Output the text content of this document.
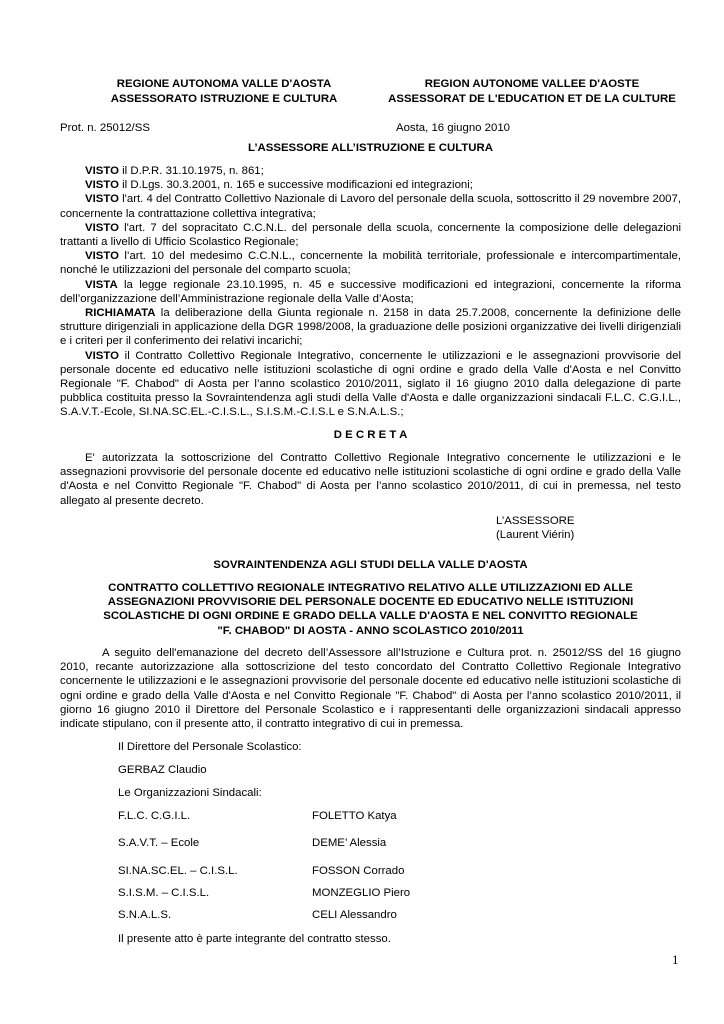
REGIONE AUTONOMA VALLE D'AOSTA
ASSESSORATO ISTRUZIONE E CULTURA
REGION AUTONOME VALLEE D'AOSTE
ASSESSORAT DE L'EDUCATION ET DE LA CULTURE
Prot. n. 25012/SS	Aosta, 16 giugno 2010
L’ASSESSORE ALL’ISTRUZIONE E CULTURA
VISTO il D.P.R. 31.10.1975, n. 861;
VISTO il D.Lgs. 30.3.2001, n. 165 e successive modificazioni ed integrazioni;
VISTO l'art. 4 del Contratto Collettivo Nazionale di Lavoro del personale della scuola, sottoscritto il 29 novembre 2007, concernente la contrattazione collettiva integrativa;
VISTO l'art. 7 del sopracitato C.C.N.L. del personale della scuola, concernente la composizione delle delegazioni trattanti a livello di Ufficio Scolastico Regionale;
VISTO l’art. 10 del medesimo C.C.N.L., concernente la mobilità territoriale, professionale e intercompartimentale, nonché le utilizzazioni del personale del comparto scuola;
VISTA la legge regionale 23.10.1995, n. 45 e successive modificazioni ed integrazioni, concernente la riforma dell’organizzazione dell’Amministrazione regionale della Valle d’Aosta;
RICHIAMATA la deliberazione della Giunta regionale n. 2158 in data 25.7.2008, concernente la definizione delle strutture dirigenziali in applicazione della DGR 1998/2008, la graduazione delle posizioni organizzative dei livelli dirigenziali e i criteri per il conferimento dei relativi incarichi;
VISTO il Contratto Collettivo Regionale Integrativo, concernente le utilizzazioni e le assegnazioni provvisorie del personale docente ed educativo nelle istituzioni scolastiche di ogni ordine e grado della Valle d'Aosta e nel Convitto Regionale "F. Chabod" di Aosta per l’anno scolastico 2010/2011, siglato il 16 giugno 2010 dalla delegazione di parte pubblica costituita presso la Sovraintendenza agli studi della Valle d'Aosta e dalle organizzazioni sindacali F.L.C. C.G.I.L., S.A.V.T.-Ecole, SI.NA.SC.EL.-C.I.S.L., S.I.S.M.-C.I.S.L e S.N.A.L.S.;
D E C R E T A
E' autorizzata la sottoscrizione del Contratto Collettivo Regionale Integrativo concernente le utilizzazioni e le assegnazioni provvisorie del personale docente ed educativo nelle istituzioni scolastiche di ogni ordine e grado della Valle d'Aosta e nel Convitto Regionale "F. Chabod" di Aosta per l’anno scolastico 2010/2011, di cui in premessa, nel testo allegato al presente decreto.
L’ASSESSORE
(Laurent Viérin)
SOVRAINTENDENZA AGLI STUDI DELLA VALLE D'AOSTA
CONTRATTO COLLETTIVO REGIONALE INTEGRATIVO RELATIVO ALLE UTILIZZAZIONI ED ALLE
ASSEGNAZIONI PROVVISORIE DEL PERSONALE DOCENTE ED EDUCATIVO NELLE ISTITUZIONI
SCOLASTICHE DI OGNI ORDINE E GRADO DELLA VALLE D'AOSTA E NEL CONVITTO REGIONALE
"F. CHABOD" DI AOSTA - ANNO SCOLASTICO 2010/2011
A seguito dell'emanazione del decreto dell’Assessore all’Istruzione e Cultura prot. n. 25012/SS del 16 giugno 2010, recante autorizzazione alla sottoscrizione del testo concordato del Contratto Collettivo Regionale Integrativo concernente le utilizzazioni e le assegnazioni provvisorie del personale docente ed educativo nelle istituzioni scolastiche di ogni ordine e grado della Valle d'Aosta e nel Convitto Regionale "F. Chabod" di Aosta per l’anno scolastico 2010/2011, il giorno 16 giugno 2010 il Direttore del Personale Scolastico e i rappresentanti delle organizzazioni sindacali appresso indicate stipulano, con il presente atto, il contratto integrativo di cui in premessa.
Il Direttore del Personale Scolastico:
GERBAZ Claudio
Le Organizzazioni Sindacali:
F.L.C. C.G.I.L.	FOLETTO Katya
S.A.V.T. – Ecole	DEME’ Alessia
SI.NA.SC.EL. – C.I.S.L.	FOSSON Corrado
S.I.S.M. – C.I.S.L.	MONZEGLIO Piero
S.N.A.L.S.	CELI Alessandro
Il presente atto è parte integrante del contratto stesso.
1
